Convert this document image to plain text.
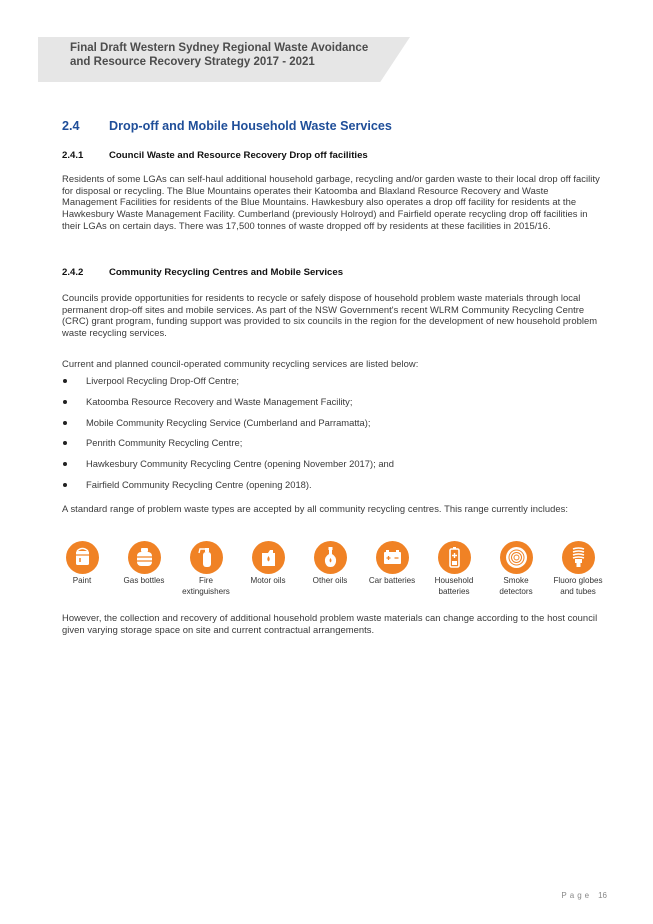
Final Draft Western Sydney Regional Waste Avoidance
and Resource Recovery Strategy 2017 - 2021
2.4 Drop-off and Mobile Household Waste Services
2.4.1	Council Waste and Resource Recovery Drop off facilities
Residents of some LGAs can self-haul additional household garbage, recycling and/or garden waste to their local drop off facility for disposal or recycling. The Blue Mountains operates their Katoomba and Blaxland Resource Recovery and Waste Management Facilities for residents of the Blue Mountains. Hawkesbury also operates a drop off facility for residents at the Hawkesbury Waste Management Facility. Cumberland (previously Holroyd) and Fairfield operate recycling drop off facilities in their LGAs on certain days. There was 17,500 tonnes of waste dropped off by residents at these facilities in 2015/16.
2.4.2	Community Recycling Centres and Mobile Services
Councils provide opportunities for residents to recycle or safely dispose of household problem waste materials through local permanent drop-off sites and mobile services. As part of the NSW Government's recent WLRM Community Recycling Centre (CRC) grant program, funding support was provided to six councils in the region for the development of new household problem waste recycling services.
Current and planned council-operated community recycling services are listed below:
Liverpool Recycling Drop-Off Centre;
Katoomba Resource Recovery and Waste Management Facility;
Mobile Community Recycling Service (Cumberland and Parramatta);
Penrith Community Recycling Centre;
Hawkesbury Community Recycling Centre (opening November 2017); and
Fairfield Community Recycling Centre (opening 2018).
A standard range of problem waste types are accepted by all community recycling centres. This range currently includes:
Paint	Gas bottles	Fire
extinguishers
Motor oils	Other oils	Car batteries	Household
batteries
Smoke
detectors
Fluoro globes
and tubes
However, the collection and recovery of additional household problem waste materials can change according to the host council given varying storage space on site and current contractual arrangements.
Page 16
